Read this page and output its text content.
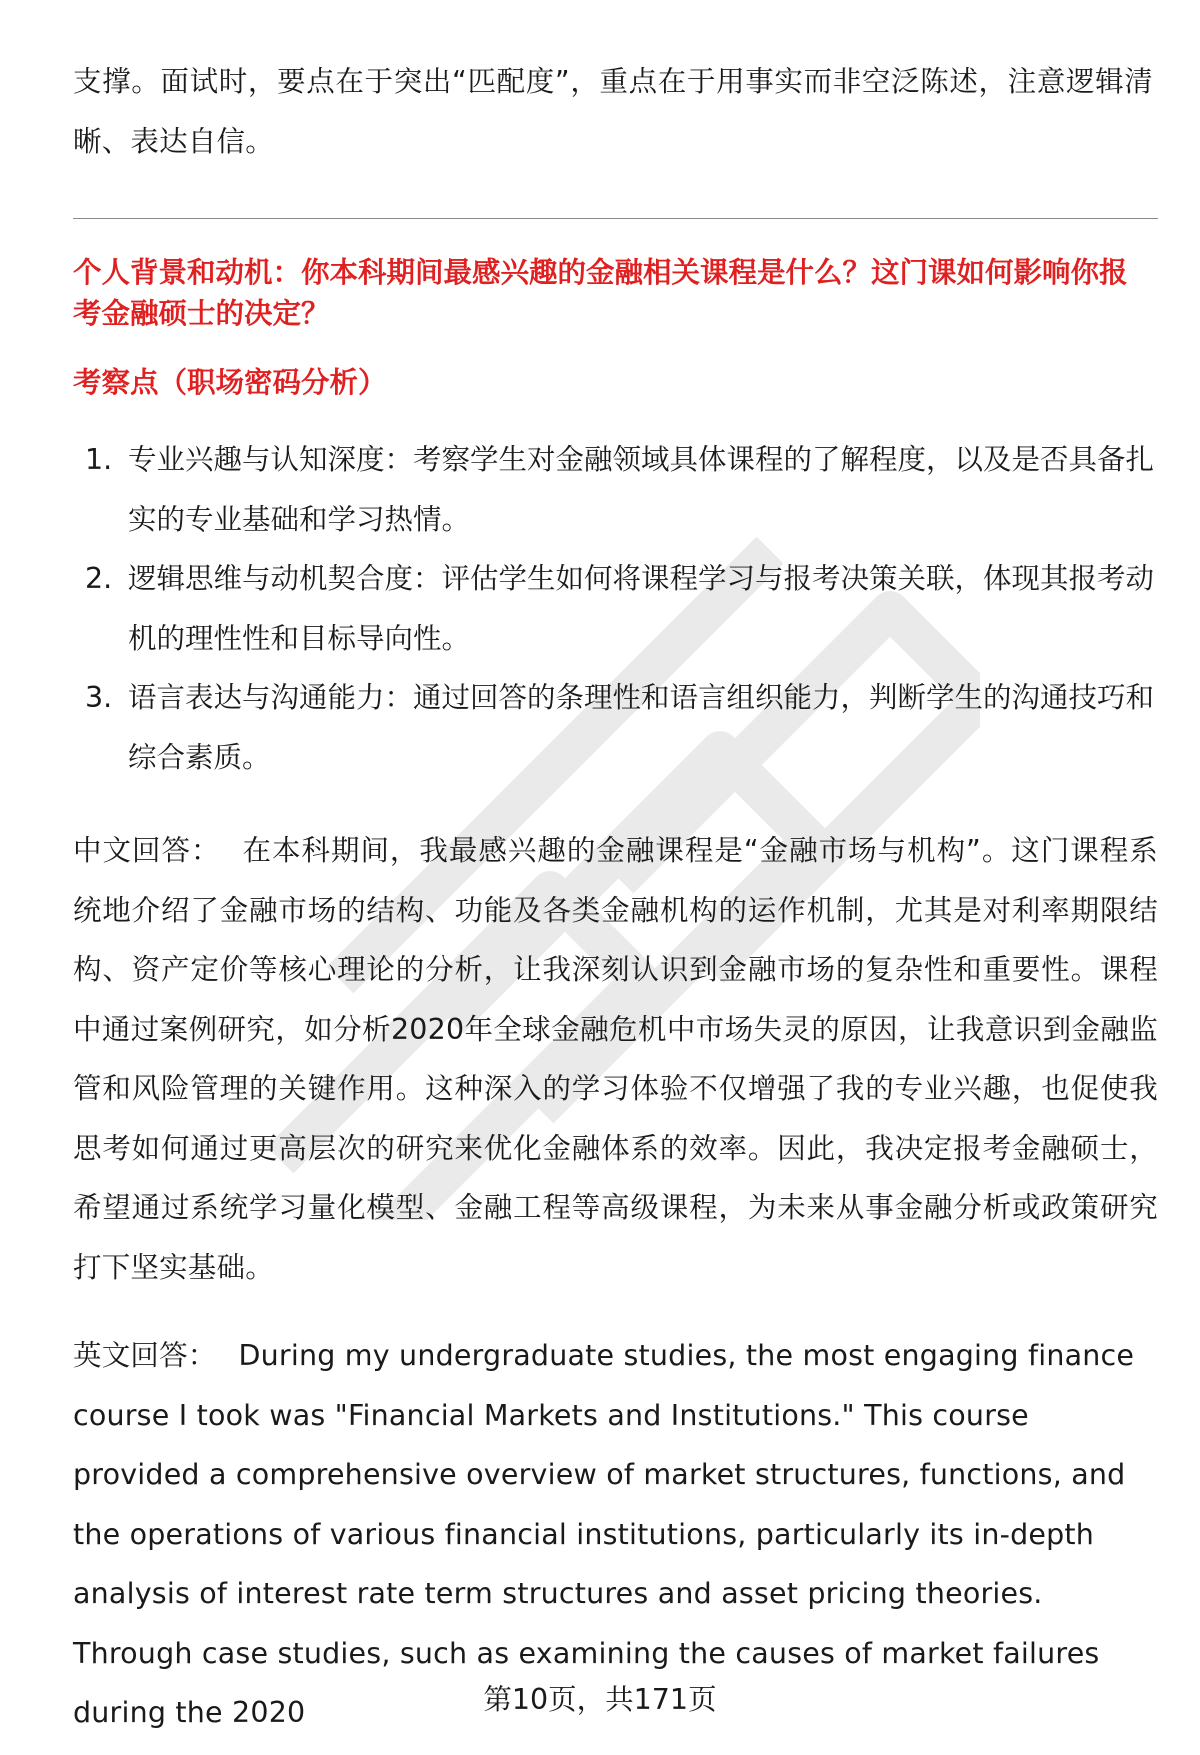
支撑。面试时，要点在于突出“匹配度”，重点在于用事实而非空泛陈述，注意逻辑清晰、表达自信。

个人背景和动机：你本科期间最感兴趣的金融相关课程是什么？这门课如何影响你报考金融硕士的决定？

考察点（职场密码分析）

1. 专业兴趣与认知深度：考察学生对金融领域具体课程的了解程度，以及是否具备扎实的专业基础和学习热情。
2. 逻辑思维与动机契合度：评估学生如何将课程学习与报考决策关联，体现其报考动机的理性性和目标导向性。
3. 语言表达与沟通能力：通过回答的条理性和语言组织能力，判断学生的沟通技巧和综合素质。

中文回答： 在本科期间，我最感兴趣的金融课程是“金融市场与机构”。这门课程系统地介绍了金融市场的结构、功能及各类金融机构的运作机制，尤其是对利率期限结构、资产定价等核心理论的分析，让我深刻认识到金融市场的复杂性和重要性。课程中通过案例研究，如分析2020年全球金融危机中市场失灵的原因，让我意识到金融监管和风险管理的关键作用。这种深入的学习体验不仅增强了我的专业兴趣，也促使我思考如何通过更高层次的研究来优化金融体系的效率。因此，我决定报考金融硕士，希望通过系统学习量化模型、金融工程等高级课程，为未来从事金融分析或政策研究打下坚实基础。

英文回答： During my undergraduate studies, the most engaging finance course I took was "Financial Markets and Institutions." This course provided a comprehensive overview of market structures, functions, and the operations of various financial institutions, particularly its in-depth analysis of interest rate term structures and asset pricing theories. Through case studies, such as examining the causes of market failures during the 2020	第10页，共171页
